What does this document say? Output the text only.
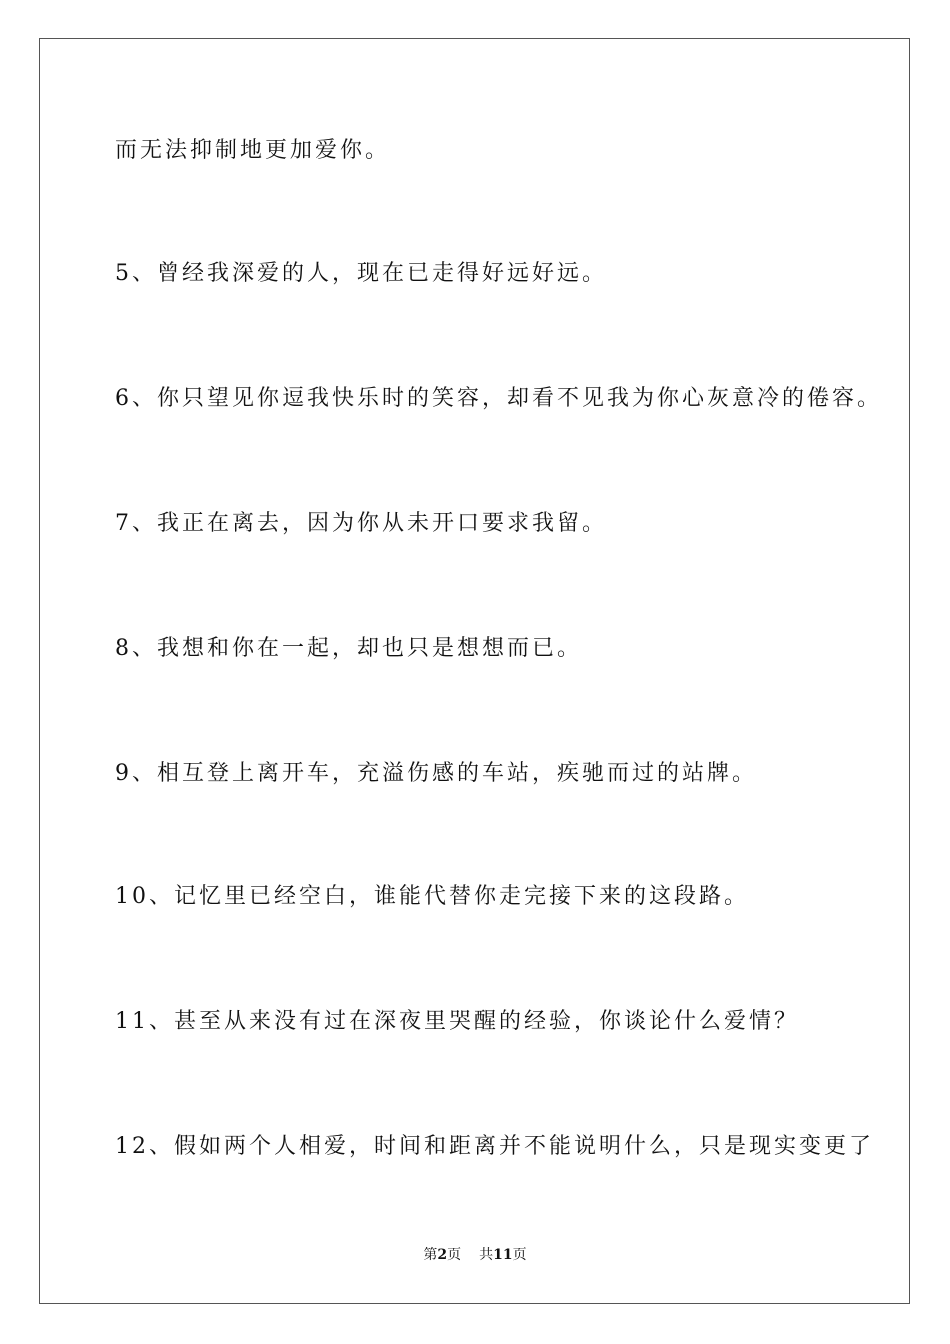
而无法抑制地更加爱你。
5、曾经我深爱的人，现在已走得好远好远。
6、你只望见你逗我快乐时的笑容，却看不见我为你心灰意冷的倦容。
7、我正在离去，因为你从未开口要求我留。
8、我想和你在一起，却也只是想想而已。
9、相互登上离开车，充溢伤感的车站，疾驰而过的站牌。
10、记忆里已经空白，谁能代替你走完接下来的这段路。
11、甚至从来没有过在深夜里哭醒的经验，你谈论什么爱情？
12、假如两个人相爱，时间和距离并不能说明什么，只是现实变更了
第2页 共11页
